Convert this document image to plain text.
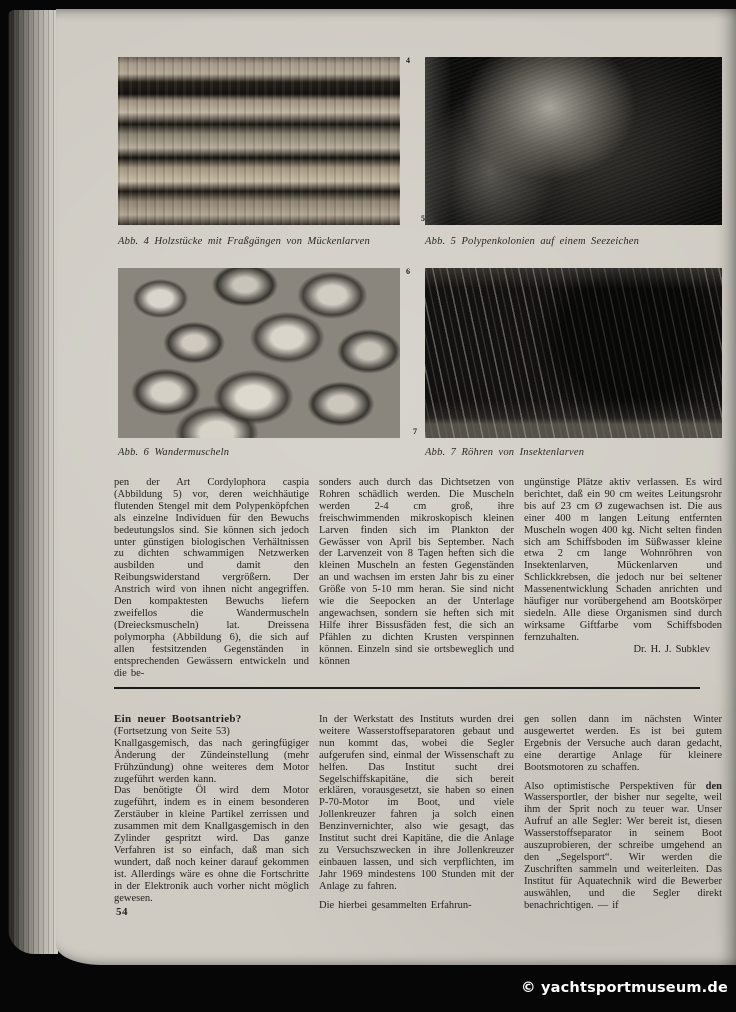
4
5
6
7
Abb. 4 Holzstücke mit Fraßgängen von Mückenlarven	Abb. 5 Polypenkolonien auf einem Seezeichen
Abb. 6 Wandermuscheln	Abb. 7 Röhren von Insektenlarven

pen der Art Cordylophora caspia (Abbildung 5) vor, deren weichhäutige flutenden Stengel mit dem Polypenköpfchen als einzelne Individuen für den Bewuchs bedeutungslos sind. Sie können sich jedoch unter günstigen biologischen Verhältnissen zu dichten schwammigen Netzwerken ausbilden und damit den Reibungswiderstand vergrößern. Der Anstrich wird von ihnen nicht angegriffen. Den kompaktesten Bewuchs liefern zweifellos die Wandermuscheln (Dreiecksmuscheln) lat. Dreissena polymorpha (Abbildung 6), die sich auf allen festsitzenden Gegenständen in entsprechenden Gewässern entwickeln und die be-

sonders auch durch das Dichtsetzen von Rohren schädlich werden. Die Muscheln werden 2-4 cm groß, ihre freischwimmenden mikroskopisch kleinen Larven finden sich im Plankton der Gewässer von April bis September. Nach der Larvenzeit von 8 Tagen heften sich die kleinen Muscheln an festen Gegenständen an und wachsen im ersten Jahr bis zu einer Größe von 5-10 mm heran. Sie sind nicht wie die Seepocken an der Unterlage angewachsen, sondern sie heften sich mit Hilfe ihrer Bissusfäden fest, die sich an Pfählen zu dichten Krusten verspinnen können. Einzeln sind sie ortsbeweglich und können

ungünstige Plätze aktiv verlassen. Es wird berichtet, daß ein 90 cm weites Leitungsrohr bis auf 23 cm Ø zugewachsen ist. Die aus einer 400 m langen Leitung entfernten Muscheln wogen 400 kg. Nicht selten finden sich am Schiffsboden im Süßwasser kleine etwa 2 cm lange Wohnröhren von Insektenlarven, Mückenlarven und Schlickkrebsen, die jedoch nur bei seltener Massenentwicklung Schaden anrichten und häufiger nur vorübergehend am Bootskörper siedeln. Alle diese Organismen sind durch wirksame Giftfarbe vom Schiffsboden fernzuhalten.

Dr. H. J. Subklev

Ein neuer Bootsantrieb?

(Fortsetzung von Seite 53)

Knallgasgemisch, das nach geringfügiger Änderung der Zündeinstellung (mehr Frühzündung) ohne weiteres dem Motor zugeführt werden kann.

Das benötigte Öl wird dem Motor zugeführt, indem es in einem besonderen Zerstäuber in kleine Partikel zerrissen und zusammen mit dem Knallgasgemisch in den Zylinder gespritzt wird. Das ganze Verfahren ist so einfach, daß man sich wundert, daß noch keiner darauf gekommen ist. Allerdings wäre es ohne die Fortschritte in der Elektronik auch vorher nicht möglich gewesen.

In der Werkstatt des Instituts wurden drei weitere Wasserstoffseparatoren gebaut und nun kommt das, wobei die Segler aufgerufen sind, einmal der Wissenschaft zu helfen. Das Institut sucht drei Segelschiffskapitäne, die sich bereit erklären, vorausgesetzt, sie haben so einen P-70-Motor im Boot, und viele Jollenkreuzer fahren ja solch einen Benzinvernichter, also wie gesagt, das Institut sucht drei Kapitäne, die die Anlage zu Versuchszwecken in ihre Jollenkreuzer einbauen lassen, und sich verpflichten, im Jahr 1969 mindestens 100 Stunden mit der Anlage zu fahren.

Die hierbei gesammelten Erfahrun-

gen sollen dann im nächsten Winter ausgewertet werden. Es ist bei gutem Ergebnis der Versuche auch daran gedacht, eine derartige Anlage für kleinere Bootsmotoren zu schaffen.

Also optimistische Perspektiven für den Wassersportler, der bisher nur segelte, weil ihm der Sprit noch zu teuer war. Unser Aufruf an alle Segler: Wer bereit ist, diesen Wasserstoffseparator in seinem Boot auszuprobieren, der schreibe umgehend an den „Segelsport“. Wir werden die Zuschriften sammeln und weiterleiten. Das Institut für Aquatechnik wird die Bewerber auswählen, und die Segler direkt benachrichtigen. — if

54
© yachtsportmuseum.de
